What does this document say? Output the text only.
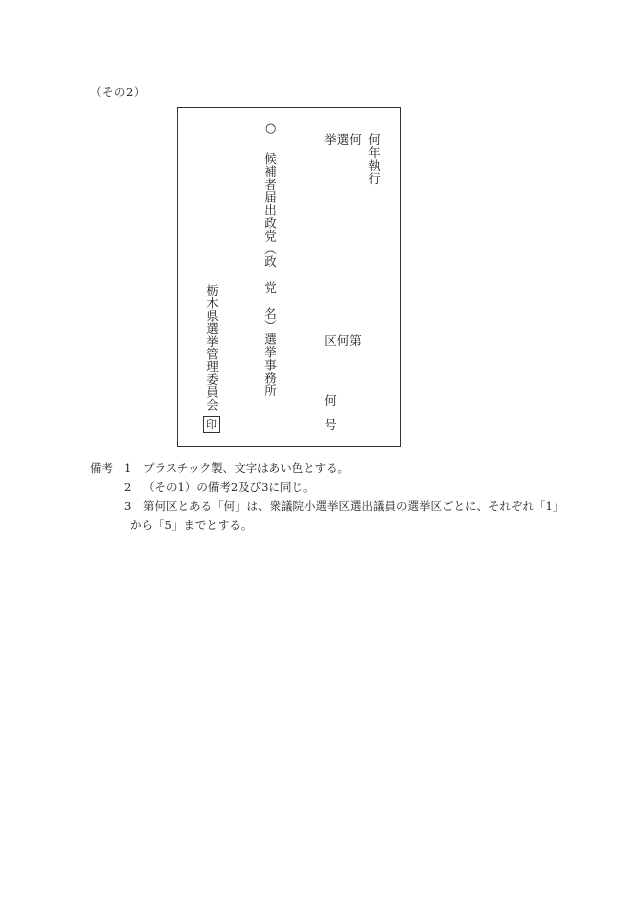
（その2）
○
候補者届出政党（政　党　名）選挙事務所
何
選
挙 何年執行
第
何
区
何
号
栃木県選挙管理委員会
印
備考 1 プラスチック製、文字はあい色とする。
2 （その1）の備考2及び3に同じ。
3 第何区とある「何」は、衆議院小選挙区選出議員の選挙区ごとに、それぞれ「1」
から「5」までとする。
